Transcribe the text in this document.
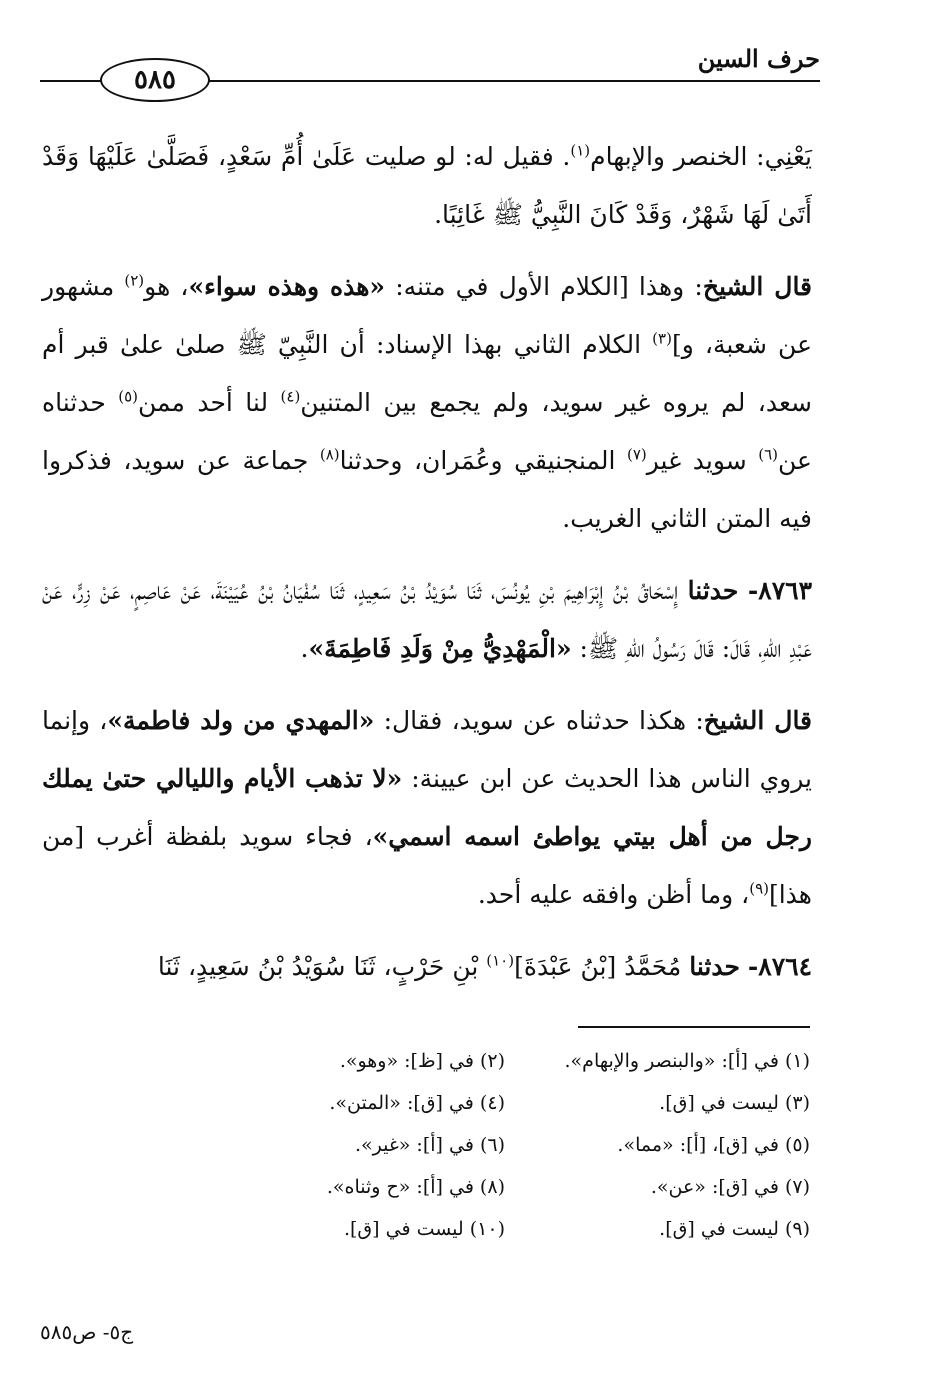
٥٨٥
حرف السين

يَعْنِي: الخنصر والإبهام$^{(١)}$. فقيل له: لو صليت عَلَىٰ أُمِّ سَعْدٍ، فَصَلَّىٰ عَلَيْهَا وَقَدْ أَتَىٰ لَهَا شَهْرٌ، وَقَدْ كَانَ النَّبِيُّ ﷺ غَائِبًا.

قال الشيخ: وهذا [الكلام الأول في متنه: «هذه وهذه سواء»، هو$^{(٢)}$ مشهور عن شعبة، و]$^{(٣)}$ الكلام الثاني بهذا الإسناد: أن النَّبِيّ ﷺ صلىٰ علىٰ قبر أم سعد، لم يروه غير سويد، ولم يجمع بين المتنين$^{(٤)}$ لنا أحد ممن$^{(٥)}$ حدثناه عن$^{(٦)}$ سويد غير$^{(٧)}$ المنجنيقي وعُمَران، وحدثنا$^{(٨)}$ جماعة عن سويد، فذكروا فيه المتن الثاني الغريب.

٨٧٦٣- حدثنا إِسْحَاقُ بْنُ إِبْرَاهِيمَ بْنِ يُونُسَ، ثَنَا سُوَيْدُ بْنُ سَعِيدٍ، ثَنَا سُفْيَانُ بْنُ عُيَيْنَةَ، عَنْ عَاصِمٍ، عَنْ زِرٍّ، عَنْ عَبْدِ اللهِ، قَالَ: قَالَ رَسُولُ اللهِ ﷺ: «الْمَهْدِيُّ مِنْ وَلَدِ فَاطِمَةَ».

قال الشيخ: هكذا حدثناه عن سويد، فقال: «المهدي من ولد فاطمة»، وإنما يروي الناس هذا الحديث عن ابن عيينة: «لا تذهب الأيام والليالي حتىٰ يملك رجل من أهل بيتي يواطئ اسمه اسمي»، فجاء سويد بلفظة أغرب [من هذا]$^{(٩)}$، وما أظن وافقه عليه أحد.

٨٧٦٤- حدثنا مُحَمَّدُ [بْنُ عَبْدَةَ]$^{(١٠)}$ بْنِ حَرْبٍ، ثَنَا سُوَيْدُ بْنُ سَعِيدٍ، ثَنَا

(١) في [أ]: «والبنصر والإبهام».
(٢) في [ظ]: «وهو».
(٣) ليست في [ق].
(٤) في [ق]: «المتن».
(٥) في [ق]، [أ]: «مما».
(٦) في [أ]: «غير».
(٧) في [ق]: «عن».
(٨) في [أ]: «ح وثناه».
(٩) ليست في [ق].
(١٠) ليست في [ق].
ج٥- ص٥٨٥
